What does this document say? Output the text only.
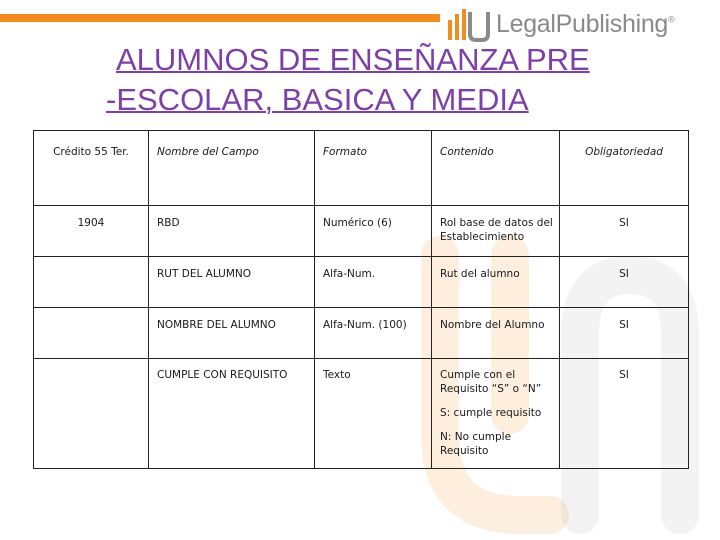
LegalPublishing®
ALUMNOS DE ENSEÑANZA PRE
-ESCOLAR, BASICA Y MEDIA
Crédito 55 Ter.	Nombre del Campo	Formato	Contenido	Obligatoriedad
1904	RBD	Numérico (6)	Rol base de datos del Establecimiento	SI
	RUT DEL ALUMNO	Alfa-Num.	Rut del alumno	SI
	NOMBRE DEL ALUMNO	Alfa-Num. (100)	Nombre del Alumno	SI
	CUMPLE CON REQUISITO	Texto	Cumple con el Requisito “S” o “N”
S: cumple requisito
N: No cumple Requisito	SI
